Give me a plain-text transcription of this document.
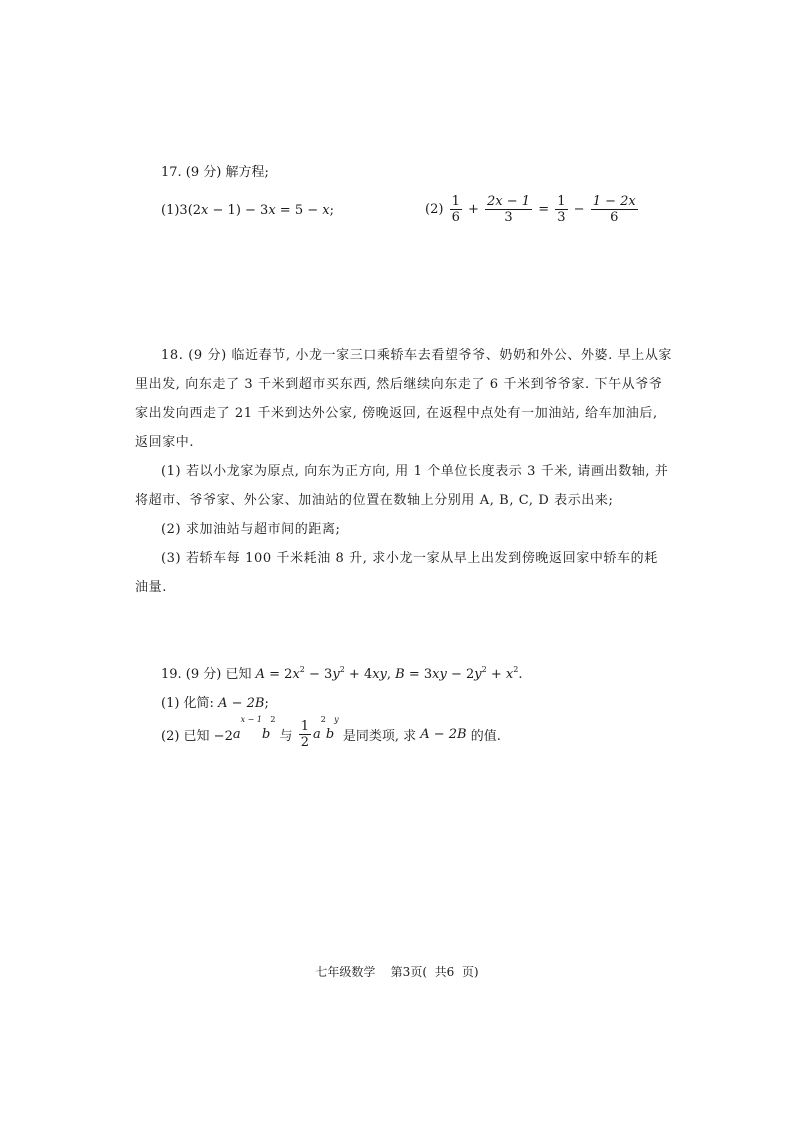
17. (9 分) 解方程;
(1)3(2x − 1) − 3x = 5 − x;	$(2) \frac{1}{6} + \frac{2x - 1}{3} = \frac{1}{3} - \frac{1 - 2x}{6}$
18. (9 分) 临近春节, 小龙一家三口乘轿车去看望爷爷、奶奶和外公、外婆. 早上从家
里出发, 向东走了 3 千米到超市买东西, 然后继续向东走了 6 千米到爷爷家. 下午从爷爷
家出发向西走了 21 千米到达外公家, 傍晚返回, 在返程中点处有一加油站, 给车加油后,
返回家中.
(1) 若以小龙家为原点, 向东为正方向, 用 1 个单位长度表示 3 千米, 请画出数轴, 并
将超市、爷爷家、外公家、加油站的位置在数轴上分别用 A, B, C, D 表示出来;
(2) 求加油站与超市间的距离;
(3) 若轿车每 100 千米耗油 8 升, 求小龙一家从早上出发到傍晚返回家中轿车的耗
油量.
19. (9 分) 已知 $A = 2x^2 - 3y^2 + 4xy$, $B = 3xy - 2y^2 + x^2$.
(1) 化简: A − 2B;
(2) 已知 $-2a^{x - 1}b^2$ 与 $\frac{1}{2} a^2b^y$ 是同类项, 求 A − 2B 的值.
七年级数学    第3页(  共6  页)
